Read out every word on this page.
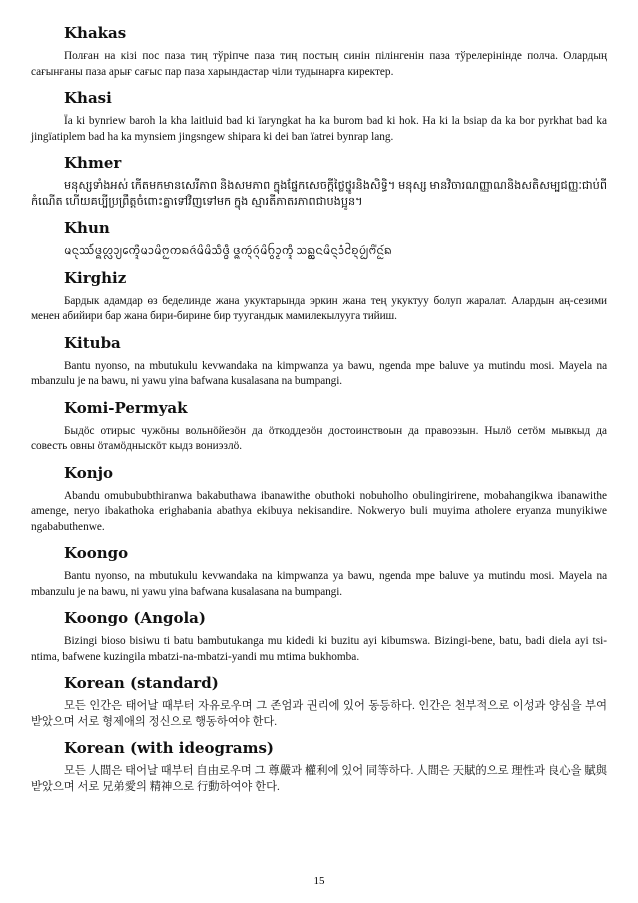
Khakas

Полған на кізі пос паза тиң тўріпче паза тиң постың синін пілінгенін паза тўрелерінінде полча. Олардың сағынғаны паза арығ сағыс пар паза харындастар чіли тудынарға киректер.

Khasi

Ïa ki bynriew baroh la kha laitluid bad ki ïaryngkat ha ka burom bad ki hok. Ha ki la bsiap da ka bor pyrkhat bad ka jingïatiplem bad ha ka mynsiem jingsngew shipara ki dei ban ïatrei bynrap lang.

Khmer

មនុស្សទាំងអស់ កើតមកមានសេរីភាព និងសមភាព ក្នុងផ្នែកសេចក្ដីថ្លៃថ្នូរនិងសិទ្ធិ។ មនុស្ស មានវិចារណញ្ញាណនិងសតិសម្បជញ្ញៈជាប់ពីកំណើត ហើយគប្បីប្រព្រឹត្តចំពោះគ្នាទៅវិញទៅមក ក្នុង ស្មារតីភាតរភាពជាបងប្អូន។

Khun

ᨾᨶᩩᩔ᩼ᨴ᩠ᨦᩉᩖᩣ᩠ᨿᨠᩮ᩠ᨯᩨᨾᩣᨾᩦᨻᩬᨠᨦᨩᩢᨾᩦᨾᩦᩈᩥᨴ᩠ᨵᩥ ᨴ᩠ᨦᨠᩢ᩠ᨶᨣᩢ᩠ᨶᨾᩦᨤ᩠ᩅᩣ᩠ᨾᨠᩥ᩠ᨯ ᩈᨦᩬ᩠ᨠᨶᨾᩦᨶ᩠ᨶᩣᩴᨧᩲ᩠ᨶᨷᩢ᩠ᨷᨻᩦ᩵ᨶ᩶ᩬᨦ

Kirghiz

Бардык адамдар өз беделинде жана укуктарында эркин жана тең укуктуу болуп жаралат. Алардын аң-сезими менен абийири бар жана бири-бирине бир туугандык мамилекылууга тийиш.

Kituba

Bantu nyonso, na mbutukulu kevwandaka na kimpwanza ya bawu, ngenda mpe baluve ya mutindu mosi. Mayela na mbanzulu je na bawu, ni yawu yina bafwana kusalasana na bumpangi.

Komi-Permyak

Быдӧс отирыс чужӧны вольнӧйезӧн да ӧткоддезӧн достоинствоын да правоэзын. Нылӧ сетӧм мывкыд да совесть овны ӧтамӧдныскӧт кыдз вониэзлӧ.

Konjo

Abandu omubububthiranwa bakabuthawa ibanawithe obuthoki nobuholho obulingirirene, mobahangikwa ibanawithe amenge, neryo ibakathoka erighabania abathya ekibuya nekisandire. Nokweryo buli muyima atholere eryanza munyikiwe ngababuthenwe.

Koongo

Bantu nyonso, na mbutukulu kevwandaka na kimpwanza ya bawu, ngenda mpe baluve ya mutindu mosi. Mayela na mbanzulu je na bawu, ni yawu yina bafwana kusalasana na bumpangi.

Koongo (Angola)

Bizingi bioso bisiwu ti batu bambutukanga mu kidedi ki buzitu ayi kibumswa. Bizingi-bene, batu, badi diela ayi tsi-ntima, bafwene kuzingila mbatzi-na-mbatzi-yandi mu mtima bukhomba.

Korean (standard)

모든 인간은 태어날 때부터 자유로우며 그 존엄과 권리에 있어 동등하다. 인간은 천부적으로 이성과 양심을 부여받았으며 서로 형제애의 정신으로 행동하여야 한다.

Korean (with ideograms)

모든 人間은 태어날 때부터 自由로우며 그 尊嚴과 權利에 있어 同等하다. 人間은 天賦的으로 理性과 良心을 賦與받았으며 서로 兄弟愛의 精神으로 行動하여야 한다.

15
